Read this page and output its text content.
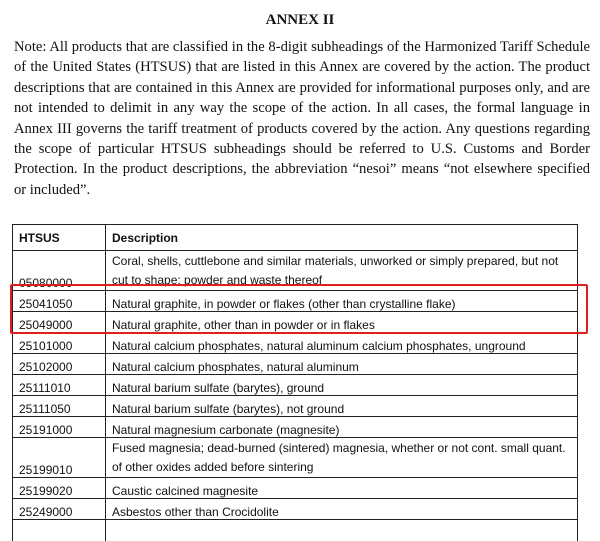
ANNEX II

Note: All products that are classified in the 8-digit subheadings of the Harmonized Tariff Schedule of the United States (HTSUS) that are listed in this Annex are covered by the action. The product descriptions that are contained in this Annex are provided for informational purposes only, and are not intended to delimit in any way the scope of the action. In all cases, the formal language in Annex III governs the tariff treatment of products covered by the action. Any questions regarding the scope of particular HTSUS subheadings should be referred to U.S. Customs and Border Protection. In the product descriptions, the abbreviation “nesoi” means “not elsewhere specified or included”.

HTSUS	Description
05080000	Coral, shells, cuttlebone and similar materials, unworked or simply prepared, but not cut to shape; powder and waste thereof
25041050	Natural graphite, in powder or flakes (other than crystalline flake)
25049000	Natural graphite, other than in powder or in flakes
25101000	Natural calcium phosphates, natural aluminum calcium phosphates, unground
25102000	Natural calcium phosphates, natural aluminum
25111010	Natural barium sulfate (barytes), ground
25111050	Natural barium sulfate (barytes), not ground
25191000	Natural magnesium carbonate (magnesite)
25199010	Fused magnesia; dead-burned (sintered) magnesia, whether or not cont. small quant. of other oxides added before sintering
25199020	Caustic calcined magnesite
25249000	Asbestos other than Crocidolite
